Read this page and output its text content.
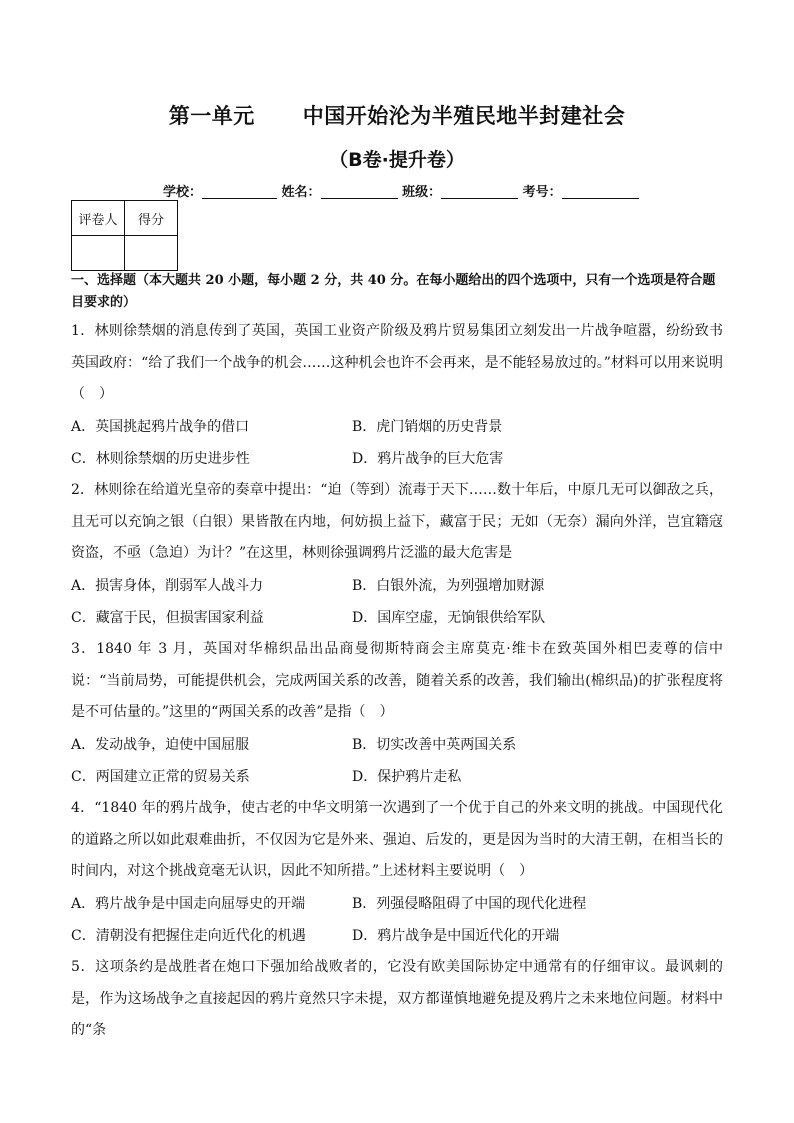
第一单元 中国开始沦为半殖民地半封建社会
（B卷·提升卷）
学校：	姓名：	班级：	考号：
评卷人	得分

一、选择题（本大题共 20 小题，每小题 2 分，共 40 分。在每小题给出的四个选项中，只有一个选项是符合题目要求的）
1．林则徐禁烟的消息传到了英国，英国工业资产阶级及鸦片贸易集团立刻发出一片战争喧嚣，纷纷致书英国政府：“给了我们一个战争的机会……这种机会也许不会再来，是不能轻易放过的。”材料可以用来说明（　）
A．英国挑起鸦片战争的借口	B．虎门销烟的历史背景
C．林则徐禁烟的历史进步性	D．鸦片战争的巨大危害
2．林则徐在给道光皇帝的奏章中提出：“迫（等到）流毒于天下……数十年后，中原几无可以御敌之兵，且无可以充饷之银（白银）果皆散在内地，何妨损上益下，藏富于民；无如（无奈）漏向外洋，岂宜籍寇资盗，不亟（急迫）为计？”在这里，林则徐强调鸦片泛滥的最大危害是
A．损害身体，削弱军人战斗力	B．白银外流，为列强增加财源
C．藏富于民，但损害国家利益	D．国库空虚，无饷银供给军队
3．1840 年 3 月，英国对华棉织品出品商曼彻斯特商会主席莫克·维卡在致英国外相巴麦尊的信中说：“当前局势，可能提供机会，完成两国关系的改善，随着关系的改善，我们输出(棉织品)的扩张程度将是不可估量的。”这里的“两国关系的改善”是指（　）
A．发动战争，迫使中国屈服	B．切实改善中英两国关系
C．两国建立正常的贸易关系	D．保护鸦片走私
4．“1840 年的鸦片战争，使古老的中华文明第一次遇到了一个优于自己的外来文明的挑战。中国现代化的道路之所以如此艰难曲折，不仅因为它是外来、强迫、后发的，更是因为当时的大清王朝，在相当长的时间内，对这个挑战竟毫无认识，因此不知所措。”上述材料主要说明（　）
A．鸦片战争是中国走向屈辱史的开端	B．列强侵略阻碍了中国的现代化进程
C．清朝没有把握住走向近代化的机遇	D．鸦片战争是中国近代化的开端
5．这项条约是战胜者在炮口下强加给战败者的，它没有欧美国际协定中通常有的仔细审议。最讽刺的是，作为这场战争之直接起因的鸦片竟然只字未提，双方都谨慎地避免提及鸦片之未来地位问题。材料中的“条
